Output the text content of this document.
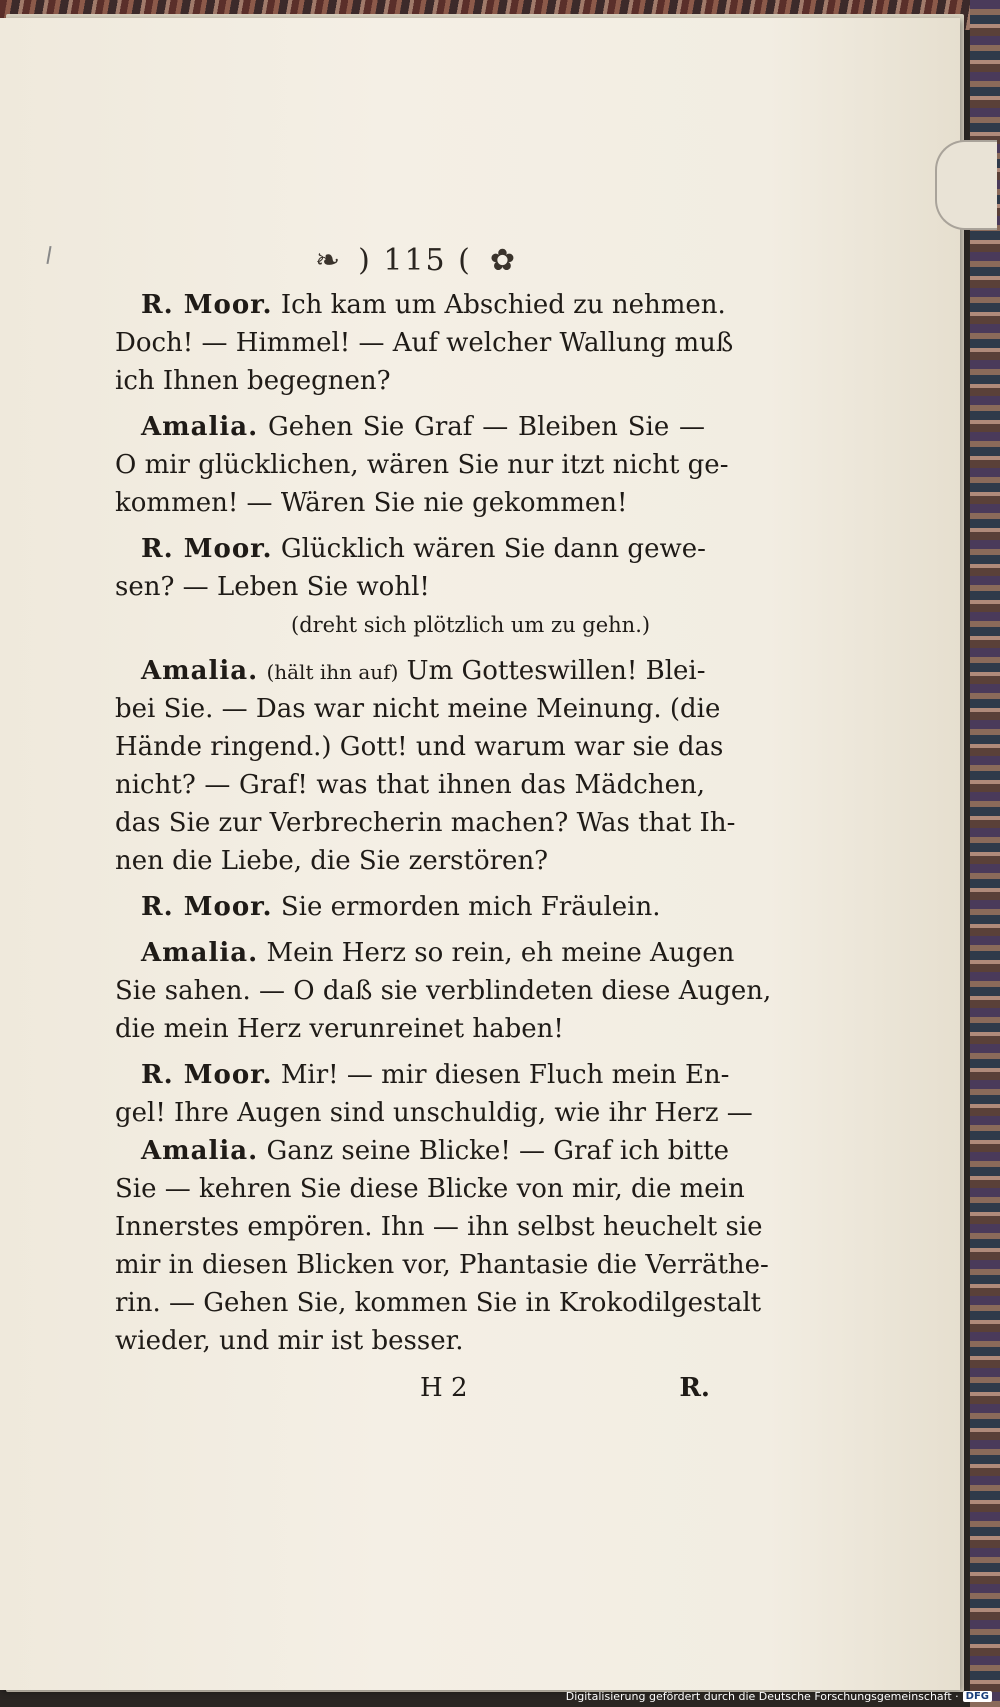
❧ ) 115 ( ✿
R. Moor. Ich kam um Abschied zu nehmen.
Doch! — Himmel! — Auf welcher Wallung muß
ich Ihnen begegnen?
Amalia. Gehen Sie Graf — Bleiben Sie —
O mir glücklichen, wären Sie nur itzt nicht ge-
kommen! — Wären Sie nie gekommen!
R. Moor. Glücklich wären Sie dann gewe-
sen? — Leben Sie wohl!
(dreht sich plötzlich um zu gehn.)
Amalia. (hält ihn auf) Um Gotteswillen! Blei-
bei Sie. — Das war nicht meine Meinung. (die
Hände ringend.) Gott! und warum war sie das
nicht? — Graf! was that ihnen das Mädchen,
das Sie zur Verbrecherin machen? Was that Ih-
nen die Liebe, die Sie zerstören?
R. Moor. Sie ermorden mich Fräulein.
Amalia. Mein Herz so rein, eh meine Augen
Sie sahen. — O daß sie verblindeten diese Augen,
die mein Herz verunreinet haben!
R. Moor. Mir! — mir diesen Fluch mein En-
gel! Ihre Augen sind unschuldig, wie ihr Herz —
Amalia. Ganz seine Blicke! — Graf ich bitte
Sie — kehren Sie diese Blicke von mir, die mein
Innerstes empören. Ihn — ihn selbst heuchelt sie
mir in diesen Blicken vor, Phantasie die Verräthe-
rin. — Gehen Sie, kommen Sie in Krokodilgestalt
wieder, und mir ist besser.
H 2	R.
Digitalisierung gefördert durch die Deutsche Forschungsgemeinschaft · DFG
